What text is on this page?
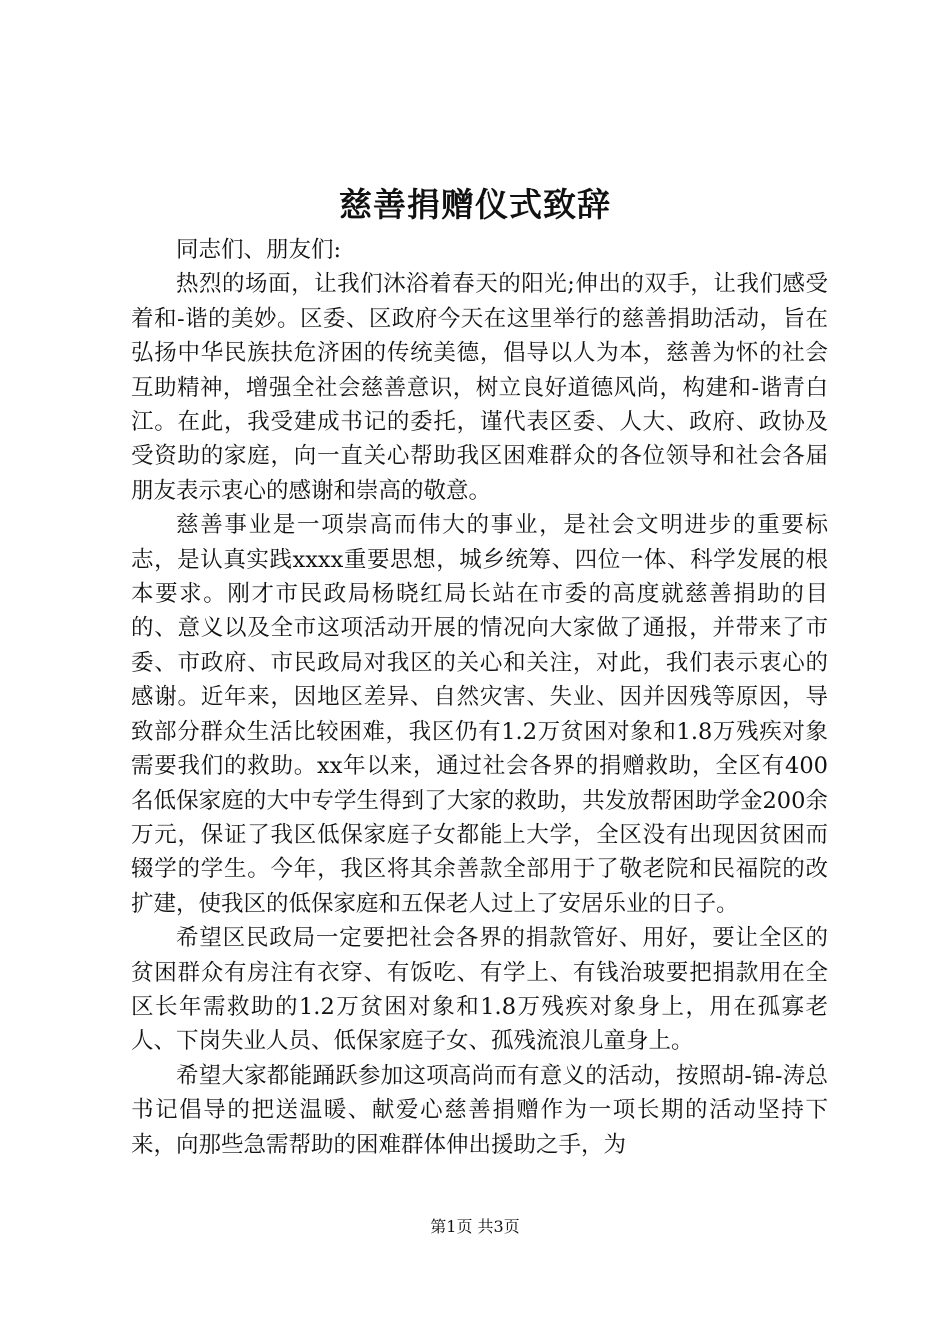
慈善捐赠仪式致辞

同志们、朋友们:

热烈的场面，让我们沐浴着春天的阳光;伸出的双手，让我们感受着和-谐的美妙。区委、区政府今天在这里举行的慈善捐助活动，旨在弘扬中华民族扶危济困的传统美德，倡导以人为本，慈善为怀的社会互助精神，增强全社会慈善意识，树立良好道德风尚，构建和-谐青白江。在此，我受建成书记的委托，谨代表区委、人大、政府、政协及受资助的家庭，向一直关心帮助我区困难群众的各位领导和社会各届朋友表示衷心的感谢和崇高的敬意。

慈善事业是一项崇高而伟大的事业，是社会文明进步的重要标志，是认真实践xxxx重要思想，城乡统筹、四位一体、科学发展的根本要求。刚才市民政局杨晓红局长站在市委的高度就慈善捐助的目的、意义以及全市这项活动开展的情况向大家做了通报，并带来了市委、市政府、市民政局对我区的关心和关注，对此，我们表示衷心的感谢。近年来，因地区差异、自然灾害、失业、因并因残等原因，导致部分群众生活比较困难，我区仍有1.2万贫困对象和1.8万残疾对象需要我们的救助。xx年以来，通过社会各界的捐赠救助，全区有400名低保家庭的大中专学生得到了大家的救助，共发放帮困助学金200余万元，保证了我区低保家庭子女都能上大学，全区没有出现因贫困而辍学的学生。今年，我区将其余善款全部用于了敬老院和民福院的改扩建，使我区的低保家庭和五保老人过上了安居乐业的日子。

希望区民政局一定要把社会各界的捐款管好、用好，要让全区的贫困群众有房注有衣穿、有饭吃、有学上、有钱治玻要把捐款用在全区长年需救助的1.2万贫困对象和1.8万残疾对象身上，用在孤寡老人、下岗失业人员、低保家庭子女、孤残流浪儿童身上。

希望大家都能踊跃参加这项高尚而有意义的活动，按照胡-锦-涛总书记倡导的把送温暖、献爱心慈善捐赠作为一项长期的活动坚持下来，向那些急需帮助的困难群体伸出援助之手，为

第1页 共3页
